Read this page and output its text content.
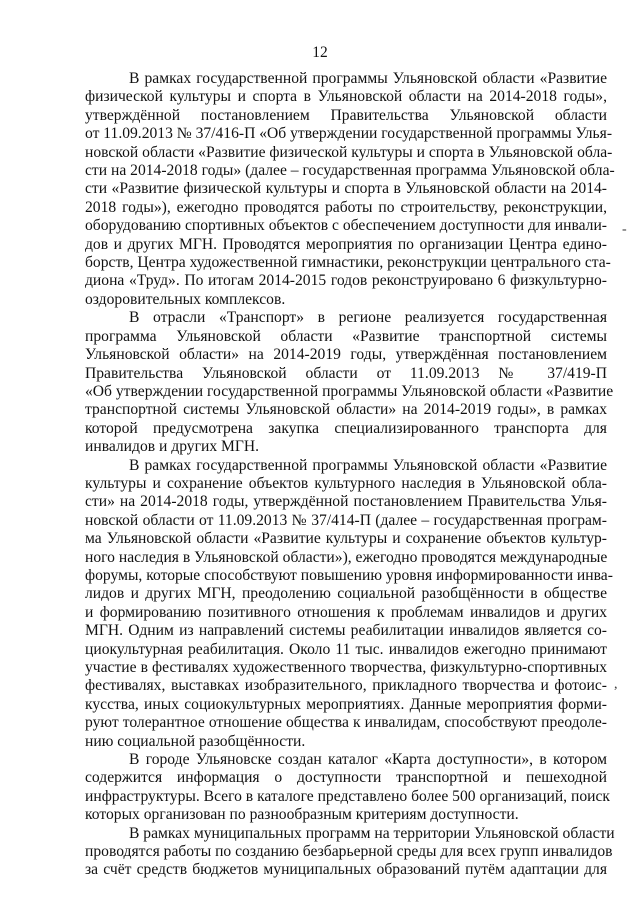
12
В рамках государственной программы Ульяновской области «Развитие
физической культуры и спорта в Ульяновской области на 2014-2018 годы»,
утверждённой постановлением Правительства Ульяновской области
от 11.09.2013 № 37/416-П «Об утверждении государственной программы Улья-
новской области «Развитие физической культуры и спорта в Ульяновской обла-
сти на 2014-2018 годы» (далее – государственная программа Ульяновской обла-
сти «Развитие физической культуры и спорта в Ульяновской области на 2014-
2018 годы»), ежегодно проводятся работы по строительству, реконструкции,
оборудованию спортивных объектов с обеспечением доступности для инвали-
дов и других МГН. Проводятся мероприятия по организации Центра едино-
борств, Центра художественной гимнастики, реконструкции центрального ста-
диона «Труд». По итогам 2014-2015 годов реконструировано 6 физкультурно-
оздоровительных комплексов.
В отрасли «Транспорт» в регионе реализуется государственная
программа Ульяновской области «Развитие транспортной системы
Ульяновской области» на 2014-2019 годы, утверждённая постановлением
Правительства Ульяновской области от 11.09.2013 № 37/419-П
«Об утверждении государственной программы Ульяновской области «Развитие
транспортной системы Ульяновской области» на 2014-2019 годы», в рамках
которой предусмотрена закупка специализированного транспорта для
инвалидов и других МГН.
В рамках государственной программы Ульяновской области «Развитие
культуры и сохранение объектов культурного наследия в Ульяновской обла-
сти» на 2014-2018 годы, утверждённой постановлением Правительства Улья-
новской области от 11.09.2013 № 37/414-П (далее – государственная програм-
ма Ульяновской области «Развитие культуры и сохранение объектов культур-
ного наследия в Ульяновской области»), ежегодно проводятся международные
форумы, которые способствуют повышению уровня информированности инва-
лидов и других МГН, преодолению социальной разобщённости в обществе
и формированию позитивного отношения к проблемам инвалидов и других
МГН. Одним из направлений системы реабилитации инвалидов является со-
циокультурная реабилитация. Около 11 тыс. инвалидов ежегодно принимают
участие в фестивалях художественного творчества, физкультурно-спортивных
фестивалях, выставках изобразительного, прикладного творчества и фотоис-
кусства, иных социокультурных мероприятиях. Данные мероприятия форми-
руют толерантное отношение общества к инвалидам, способствуют преодоле-
нию социальной разобщённости.
В городе Ульяновске создан каталог «Карта доступности», в котором
содержится информация о доступности транспортной и пешеходной
инфраструктуры. Всего в каталоге представлено более 500 организаций, поиск
которых организован по разнообразным критериям доступности.
В рамках муниципальных программ на территории Ульяновской области
проводятся работы по созданию безбарьерной среды для всех групп инвалидов
за счёт средств бюджетов муниципальных образований путём адаптации для
-
,
